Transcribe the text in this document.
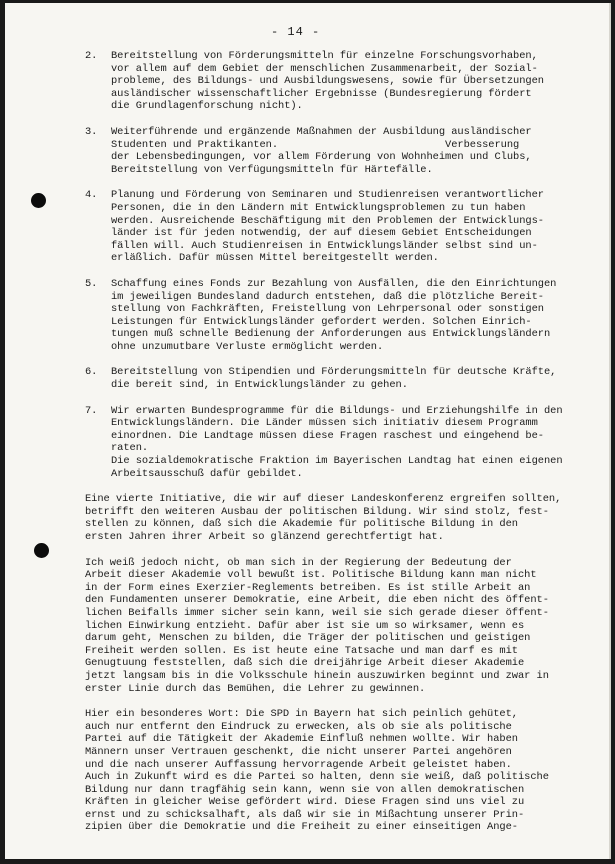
- 14 -
2. Bereitstellung von Förderungsmitteln für einzelne Forschungsvorhaben,
vor allem auf dem Gebiet der menschlichen Zusammenarbeit, der Sozial-
probleme, des Bildungs- und Ausbildungswesens, sowie für Übersetzungen
ausländischer wissenschaftlicher Ergebnisse (Bundesregierung fördert
die Grundlagenforschung nicht).
3. Weiterführende und ergänzende Maßnahmen der Ausbildung ausländischer
Studenten und Praktikanten.                           Verbesserung
der Lebensbedingungen, vor allem Förderung von Wohnheimen und Clubs,
Bereitstellung von Verfügungsmitteln für Härtefälle.
4. Planung und Förderung von Seminaren und Studienreisen verantwortlicher
Personen, die in den Ländern mit Entwicklungsproblemen zu tun haben
werden. Ausreichende Beschäftigung mit den Problemen der Entwicklungs-
länder ist für jeden notwendig, der auf diesem Gebiet Entscheidungen
fällen will. Auch Studienreisen in Entwicklungsländer selbst sind un-
erläßlich. Dafür müssen Mittel bereitgestellt werden.
5. Schaffung eines Fonds zur Bezahlung von Ausfällen, die den Einrichtungen
im jeweiligen Bundesland dadurch entstehen, daß die plötzliche Bereit-
stellung von Fachkräften, Freistellung von Lehrpersonal oder sonstigen
Leistungen für Entwicklungsländer gefordert werden. Solchen Einrich-
tungen muß schnelle Bedienung der Anforderungen aus Entwicklungsländern
ohne unzumutbare Verluste ermöglicht werden.
6. Bereitstellung von Stipendien und Förderungsmitteln für deutsche Kräfte,
die bereit sind, in Entwicklungsländer zu gehen.
7. Wir erwarten Bundesprogramme für die Bildungs- und Erziehungshilfe in den
Entwicklungsländern. Die Länder müssen sich initiativ diesem Programm
einordnen. Die Landtage müssen diese Fragen raschest und eingehend be-
raten.
Die sozialdemokratische Fraktion im Bayerischen Landtag hat einen eigenen
Arbeitsausschuß dafür gebildet.
Eine vierte Initiative, die wir auf dieser Landeskonferenz ergreifen sollten,
betrifft den weiteren Ausbau der politischen Bildung. Wir sind stolz, fest-
stellen zu können, daß sich die Akademie für politische Bildung in den
ersten Jahren ihrer Arbeit so glänzend gerechtfertigt hat.
Ich weiß jedoch nicht, ob man sich in der Regierung der Bedeutung der
Arbeit dieser Akademie voll bewußt ist. Politische Bildung kann man nicht
in der Form eines Exerzier-Reglements betreiben. Es ist stille Arbeit an
den Fundamenten unserer Demokratie, eine Arbeit, die eben nicht des öffent-
lichen Beifalls immer sicher sein kann, weil sie sich gerade dieser öffent-
lichen Einwirkung entzieht. Dafür aber ist sie um so wirksamer, wenn es
darum geht, Menschen zu bilden, die Träger der politischen und geistigen
Freiheit werden sollen. Es ist heute eine Tatsache und man darf es mit
Genugtuung feststellen, daß sich die dreijährige Arbeit dieser Akademie
jetzt langsam bis in die Volksschule hinein auszuwirken beginnt und zwar in
erster Linie durch das Bemühen, die Lehrer zu gewinnen.
Hier ein besonderes Wort: Die SPD in Bayern hat sich peinlich gehütet,
auch nur entfernt den Eindruck zu erwecken, als ob sie als politische
Partei auf die Tätigkeit der Akademie Einfluß nehmen wollte. Wir haben
Männern unser Vertrauen geschenkt, die nicht unserer Partei angehören
und die nach unserer Auffassung hervorragende Arbeit geleistet haben.
Auch in Zukunft wird es die Partei so halten, denn sie weiß, daß politische
Bildung nur dann tragfähig sein kann, wenn sie von allen demokratischen
Kräften in gleicher Weise gefördert wird. Diese Fragen sind uns viel zu
ernst und zu schicksalhaft, als daß wir sie in Mißachtung unserer Prin-
zipien über die Demokratie und die Freiheit zu einer einseitigen Ange-
